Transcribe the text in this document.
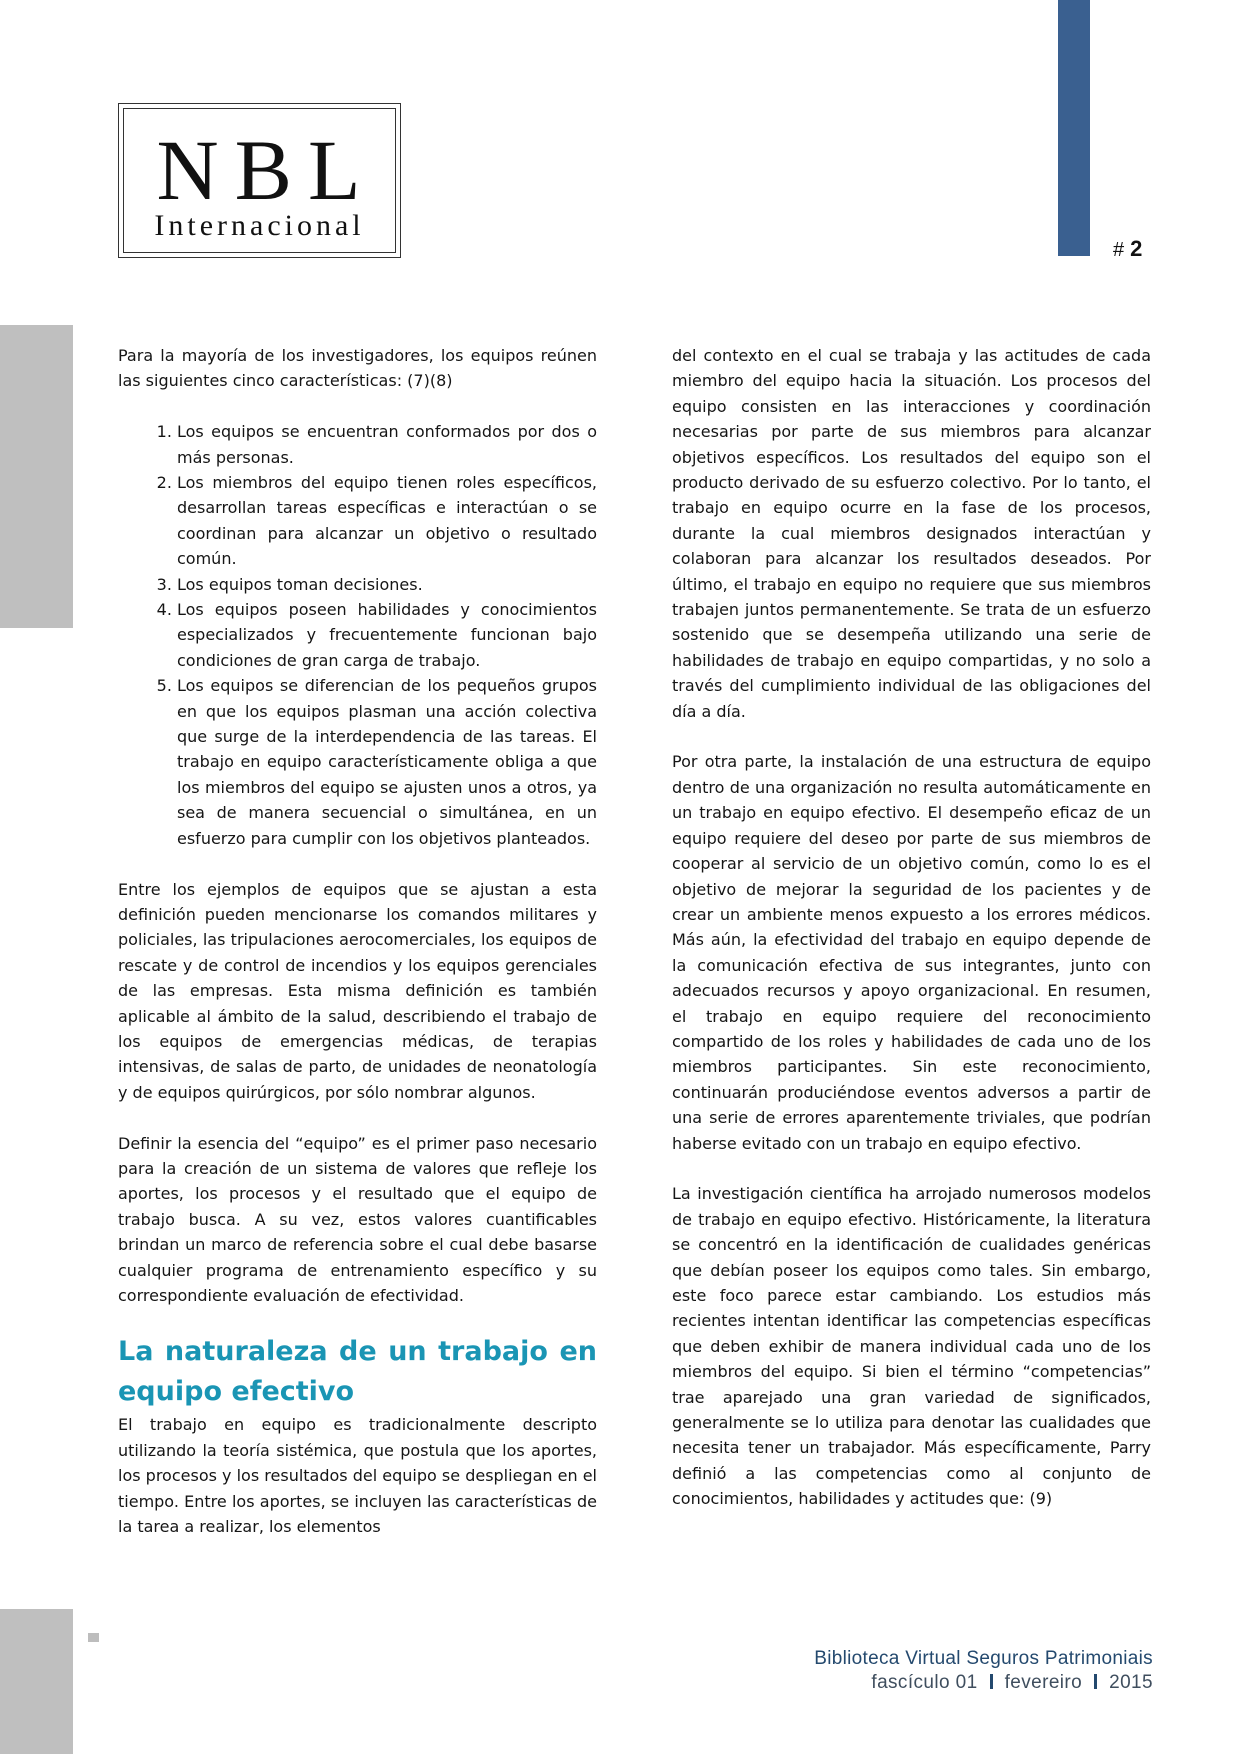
# 2
NBL
Internacional

Para la mayoría de los investigadores, los equipos reúnen las siguientes cinco características: (7)(8)

1. Los equipos se encuentran conformados por dos o más personas.
2. Los miembros del equipo tienen roles específicos, desarrollan tareas específicas e interactúan o se coordinan para alcanzar un objetivo o resultado común.
3. Los equipos toman decisiones.
4. Los equipos poseen habilidades y conocimientos especializados y frecuentemente funcionan bajo condiciones de gran carga de trabajo.
5. Los equipos se diferencian de los pequeños grupos en que los equipos plasman una acción colectiva que surge de la interdependencia de las tareas. El trabajo en equipo característicamente obliga a que los miembros del equipo se ajusten unos a otros, ya sea de manera secuencial o simultánea, en un esfuerzo para cumplir con los objetivos planteados.

Entre los ejemplos de equipos que se ajustan a esta definición pueden mencionarse los comandos militares y policiales, las tripulaciones aerocomerciales, los equipos de rescate y de control de incendios y los equipos gerenciales de las empresas. Esta misma definición es también aplicable al ámbito de la salud, describiendo el trabajo de los equipos de emergencias médicas, de terapias intensivas, de salas de parto, de unidades de neonatología y de equipos quirúrgicos, por sólo nombrar algunos.

Definir la esencia del “equipo” es el primer paso necesario para la creación de un sistema de valores que refleje los aportes, los procesos y el resultado que el equipo de trabajo busca. A su vez, estos valores cuantificables brindan un marco de referencia sobre el cual debe basarse cualquier programa de entrenamiento específico y su correspondiente evaluación de efectividad.

La naturaleza de un trabajo en equipo efectivo

El trabajo en equipo es tradicionalmente descripto utilizando la teoría sistémica, que postula que los aportes, los procesos y los resultados del equipo se despliegan en el tiempo. Entre los aportes, se incluyen las características de la tarea a realizar, los elementos

del contexto en el cual se trabaja y las actitudes de cada miembro del equipo hacia la situación. Los procesos del equipo consisten en las interacciones y coordinación necesarias por parte de sus miembros para alcanzar objetivos específicos. Los resultados del equipo son el producto derivado de su esfuerzo colectivo. Por lo tanto, el trabajo en equipo ocurre en la fase de los procesos, durante la cual miembros designados interactúan y colaboran para alcanzar los resultados deseados. Por último, el trabajo en equipo no requiere que sus miembros trabajen juntos permanentemente. Se trata de un esfuerzo sostenido que se desempeña utilizando una serie de habilidades de trabajo en equipo compartidas, y no solo a través del cumplimiento individual de las obligaciones del día a día.

Por otra parte, la instalación de una estructura de equipo dentro de una organización no resulta automáticamente en un trabajo en equipo efectivo. El desempeño eficaz de un equipo requiere del deseo por parte de sus miembros de cooperar al servicio de un objetivo común, como lo es el objetivo de mejorar la seguridad de los pacientes y de crear un ambiente menos expuesto a los errores médicos. Más aún, la efectividad del trabajo en equipo depende de la comunicación efectiva de sus integrantes, junto con adecuados recursos y apoyo organizacional. En resumen, el trabajo en equipo requiere del reconocimiento compartido de los roles y habilidades de cada uno de los miembros participantes. Sin este reconocimiento, continuarán produciéndose eventos adversos a partir de una serie de errores aparentemente triviales, que podrían haberse evitado con un trabajo en equipo efectivo.

La investigación científica ha arrojado numerosos modelos de trabajo en equipo efectivo. Históricamente, la literatura se concentró en la identificación de cualidades genéricas que debían poseer los equipos como tales. Sin embargo, este foco parece estar cambiando. Los estudios más recientes intentan identificar las competencias específicas que deben exhibir de manera individual cada uno de los miembros del equipo. Si bien el término “competencias” trae aparejado una gran variedad de significados, generalmente se lo utiliza para denotar las cualidades que necesita tener un trabajador. Más específicamente, Parry definió a las competencias como al conjunto de conocimientos, habilidades y actitudes que: (9)

Biblioteca Virtual Seguros Patrimoniais
fascículo 01 fevereiro 2015
